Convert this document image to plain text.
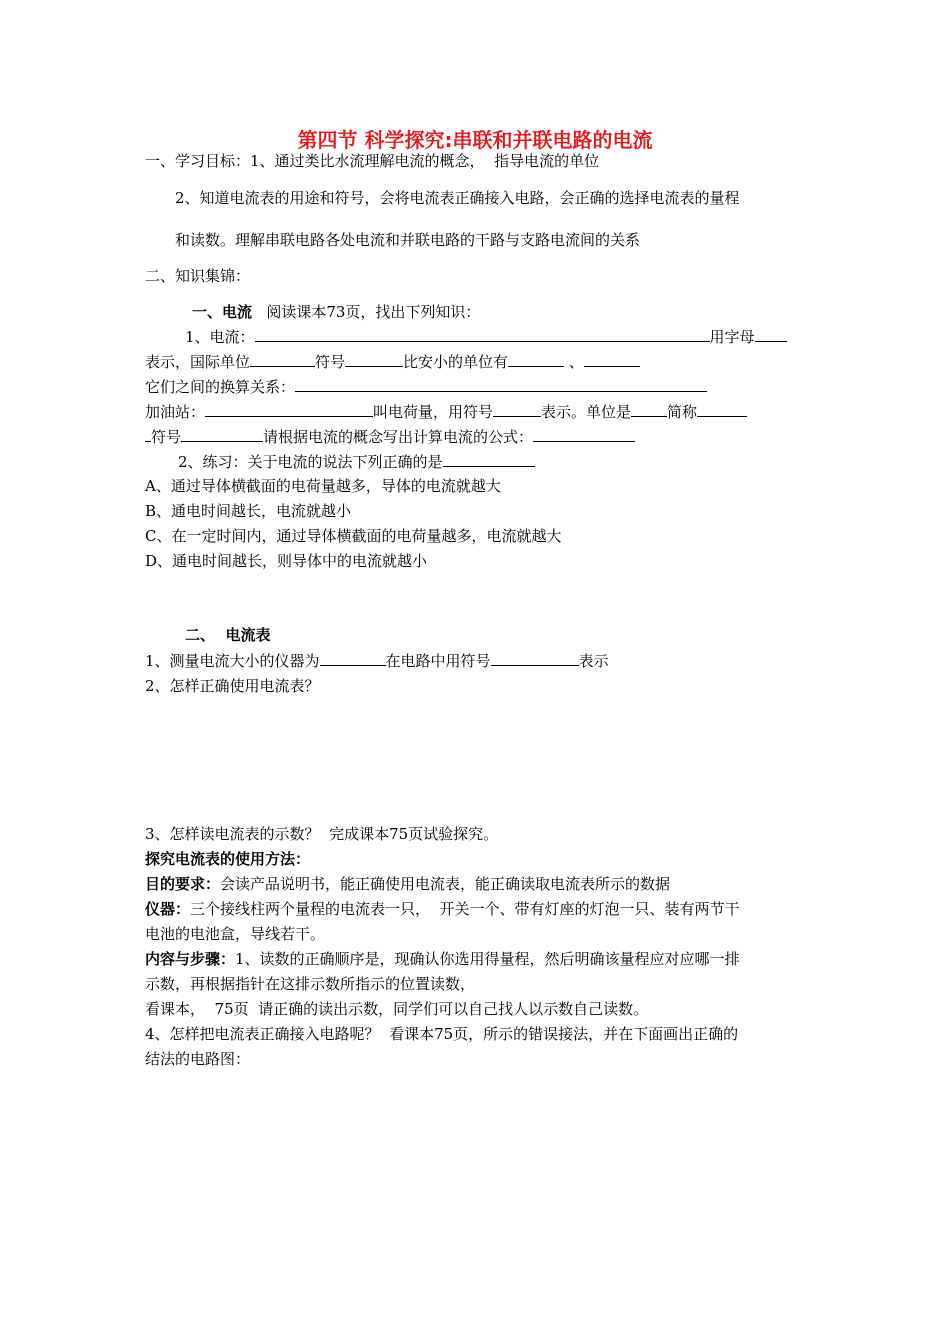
第四节 科学探究:串联和并联电路的电流
一、学习目标：1、通过类比水流理解电流的概念，  指导电流的单位
2、知道电流表的用途和符号，会将电流表正确接入电路，会正确的选择电流表的量程
和读数。理解串联电路各处电流和并联电路的干路与支路电流间的关系
二、知识集锦：
一、电流 阅读课本73页，找出下列知识：
1、电流：	用字母
表示，国际单位	符号	比安小的单位有	、
它们之间的换算关系：
加油站：	叫电荷量，用符号	表示。单位是 简称
符号	请根据电流的概念写出计算电流的公式：
2、练习：关于电流的说法下列正确的是
A、通过导体横截面的电荷量越多，导体的电流就越大
B、通电时间越长，电流就越小
C、在一定时间内，通过导体横截面的电荷量越多，电流就越大
D、通电时间越长，则导体中的电流就越小
二、  电流表
1、测量电流大小的仪器为	在电路中用符号	表示
2、怎样正确使用电流表？
3、怎样读电流表的示数？  完成课本75页试验探究。
探究电流表的使用方法：
目的要求：会读产品说明书，能正确使用电流表，能正确读取电流表所示的数据
仪器：三个接线柱两个量程的电流表一只，  开关一个、带有灯座的灯泡一只、装有两节干
电池的电池盒，导线若干。
内容与步骤：1、读数的正确顺序是，现确认你选用得量程，然后明确该量程应对应哪一排
示数，再根据指针在这排示数所指示的位置读数，
看课本，  75页  请正确的读出示数，同学们可以自己找人以示数自己读数。
4、怎样把电流表正确接入电路呢？  看课本75页，所示的错误接法，并在下面画出正确的
结法的电路图：
